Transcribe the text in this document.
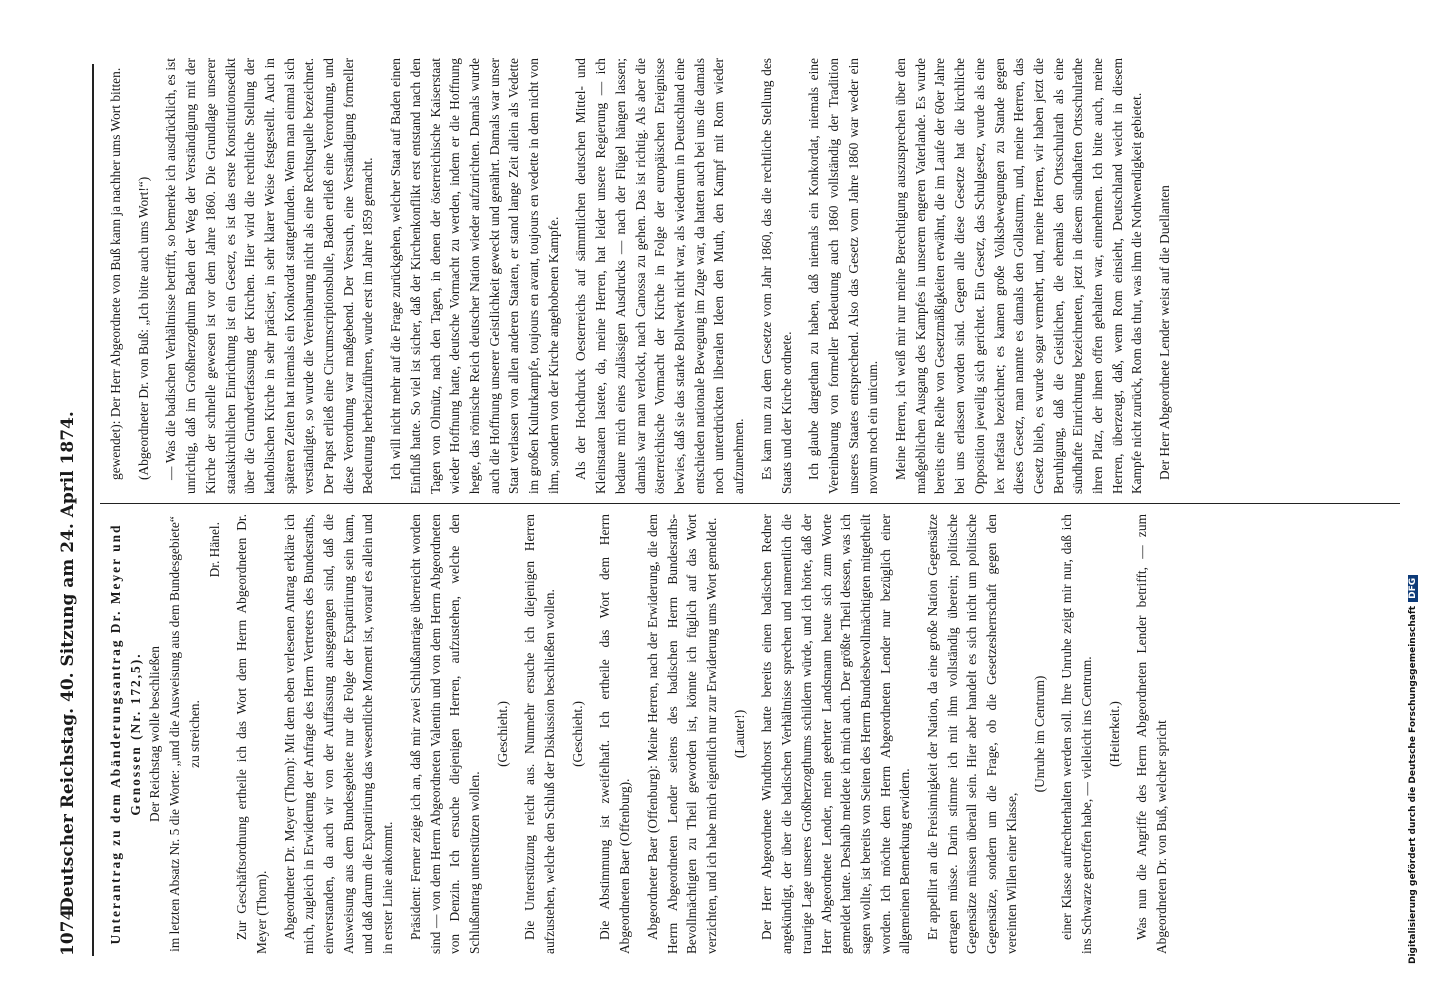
1074
Deutscher Reichstag. 40. Sitzung am 24. April 1874.	Unterantrag zu dem Abänderungsantrag Dr. Meyer und Genossen (Nr. 172,5). Der Reichstag wolle beschließen im letzten Absatz Nr. 5 die Worte: „und die Ausweisung aus dem Bundesgebiete“ zu streichen.

Dr. Hänel. Zur Geschäftsordnung ertheile ich das Wort dem Herrn Abgeordneten Dr. Meyer (Thorn). Abgeordneter Dr. Meyer (Thorn): Mit dem eben verlesenen Antrag erkläre ich mich, zugleich in Erwiderung der Anfrage des Herrn Vertreters des Bundesraths, einverstanden, da auch wir von der Auffassung ausgegangen sind, daß die Ausweisung aus dem Bundesgebiete nur die Folge der Expatriirung sein kann, und daß darum die Expatriirung das wesentliche Moment ist, worauf es allein und in erster Linie ankommt. Präsident: Ferner zeige ich an, daß mir zwei Schlußanträge überreicht worden sind — von dem Herrn Abgeordneten Valentin und von dem Herrn Abgeordneten von Denzin. Ich ersuche diejenigen Herren, aufzustehen, welche den Schlußantrag unterstützen wollen.

(Geschieht.) Die Unterstützung reicht aus. Nunmehr ersuche ich diejenigen Herren aufzustehen, welche den Schluß der Diskussion beschließen wollen. (Geschieht.) Die Abstimmung ist zweifelhaft. Ich ertheile das Wort dem Herrn Abgeordneten Baer (Offenburg). Abgeordneter Baer (Offenburg): Meine Herren, nach der Erwiderung, die dem Herrn Abgeordneten Lender seitens des badischen Herrn Bundesraths-Bevollmächtigten zu Theil geworden ist, könnte ich füglich auf das Wort verzichten, und ich habe mich eigentlich nur zur Erwiderung ums Wort gemeldet. (Lauter!) Der Herr Abgeordnete Windthorst hatte bereits einen badischen Redner angekündigt, der über die badischen Verhältnisse sprechen und namentlich die traurige Lage unseres Großherzogthums schildern würde, und ich hörte, daß der Herr Abgeordnete Lender, mein geehrter Landsmann heute sich zum Worte gemeldet hatte. Deshalb meldete ich mich auch. Der größte Theil dessen, was ich sagen wollte, ist bereits von Seiten des Herrn Bundesbevollmächtigten mitgetheilt worden. Ich möchte dem Herrn Abgeordneten Lender nur bezüglich einer allgemeinen Bemerkung erwidern. Er appellirt an die Freisinnigkeit der Nation, da eine große Nation Gegensätze ertragen müsse. Darin stimme ich mit ihm vollständig überein; politische Gegensätze müssen überall sein. Hier aber handelt es sich nicht um politische Gegensätze, sondern um die Frage, ob die Gesetzesherrschaft gegen den vereinten Willen einer Klasse,

(Unruhe im Centrum) einer Klasse aufrechterhalten werden soll. Ihre Unruhe zeigt mir nur, daß ich ins Schwarze getroffen habe, — vielleicht ins Centrum. (Heiterkeit.) Was nun die Angriffe des Herrn Abgeordneten Lender betrifft, — zum Abgeordneten Dr. von Buß, welcher spricht

gewendet): Der Herr Abgeordnete von Buß kann ja nachher ums Wort bitten. (Abgeordneter Dr. von Buß: „Ich bitte auch ums Wort!“) — Was die badischen Verhältnisse betrifft, so bemerke ich ausdrücklich, es ist unrichtig, daß im Großherzogthum Baden der Weg der Verständigung mit der Kirche der schnelle gewesen ist vor dem Jahre 1860. Die Grundlage unserer staatskirchlichen Einrichtung ist ein Gesetz, es ist das erste Konstitutionsedikt über die Grundverfassung der Kirchen. Hier wird die rechtliche Stellung der katholischen Kirche in sehr präciser, in sehr klarer Weise festgestellt. Auch in späteren Zeiten hat niemals ein Konkordat stattgefunden. Wenn man einmal sich verständigte, so wurde die Vereinbarung nicht als eine Rechtsquelle bezeichnet. Der Papst erließ eine Circumscriptionsbulle, Baden erließ eine Verordnung, und diese Verordnung war maßgebend. Der Versuch, eine Verständigung formeller Bedeutung herbeizuführen, wurde erst im Jahre 1859 gemacht. Ich will nicht mehr auf die Frage zurückgehen, welcher Staat auf Baden einen Einfluß hatte. So viel ist sicher, daß der Kirchenkonflikt erst entstand nach den Tagen von Olmütz, nach den Tagen, in denen der österreichische Kaiserstaat wieder Hoffnung hatte, deutsche Vormacht zu werden, indem er die Hoffnung hegte, das römische Reich deutscher Nation wieder aufzurichten. Damals wurde auch die Hoffnung unserer Geistlichkeit geweckt und genährt. Damals war unser Staat verlassen von allen anderen Staaten, er stand lange Zeit allein als Vedette im großen Kulturkampfe, toujours en avant, toujours en vedette in dem nicht von ihm, sondern von der Kirche angehobenen Kampfe. Als der Hochdruck Oesterreichs auf sämmtlichen deutschen Mittel- und Kleinstaaten lastete, da, meine Herren, hat leider unsere Regierung — ich bedaure mich eines zulässigen Ausdrucks — nach der Flügel hängen lassen; damals war man verlockt, nach Canossa zu gehen. Das ist richtig. Als aber die österreichische Vormacht der Kirche in Folge der europäischen Ereignisse bewies, daß sie das starke Bollwerk nicht war, als wiederum in Deutschland eine entschieden nationale Bewegung im Zuge war, da hatten auch bei uns die damals noch unterdrückten liberalen Ideen den Muth, den Kampf mit Rom wieder aufzunehmen. Es kam nun zu dem Gesetze vom Jahr 1860, das die rechtliche Stellung des Staats und der Kirche ordnete. Ich glaube dargethan zu haben, daß niemals ein Konkordat, niemals eine Vereinbarung von formeller Bedeutung auch 1860 vollständig der Tradition unseres Staates entsprechend. Also das Gesetz vom Jahre 1860 war weder ein novum noch ein unicum. Meine Herren, ich weiß mir nur meine Berechtigung auszusprechen über den maßgeblichen Ausgang des Kampfes in unserem engeren Vaterlande. Es wurde bereits eine Reihe von Gesetzmäßigkeiten erwähnt, die im Laufe der 60er Jahre bei uns erlassen worden sind. Gegen alle diese Gesetze hat die kirchliche Opposition jeweilig sich gerichtet. Ein Gesetz, das Schulgesetz, wurde als eine lex nefasta bezeichnet; es kamen große Volksbewegungen zu Stande gegen dieses Gesetz, man nannte es damals den Gollasturm, und, meine Herren, das Gesetz blieb, es wurde sogar vermehrt, und, meine Herren, wir haben jetzt die Beruhigung, daß die Geistlichen, die ehemals den Ortsschulrath als eine sündhafte Einrichtung bezeichneten, jetzt in diesem sündhaften Ortsschulrathe ihren Platz, der ihnen offen gehalten war, einnehmen. Ich bitte auch, meine Herren, überzeugt, daß, wenn Rom einsieht, Deutschland weicht in diesem Kampfe nicht zurück, Rom das thut, was ihm die Nothwendigkeit gebietet. Der Herr Abgeordnete Lender weist auf die Duellanten

Digitalisierung gefördert durch die Deutsche ForschungsgemeinschaftDFG
